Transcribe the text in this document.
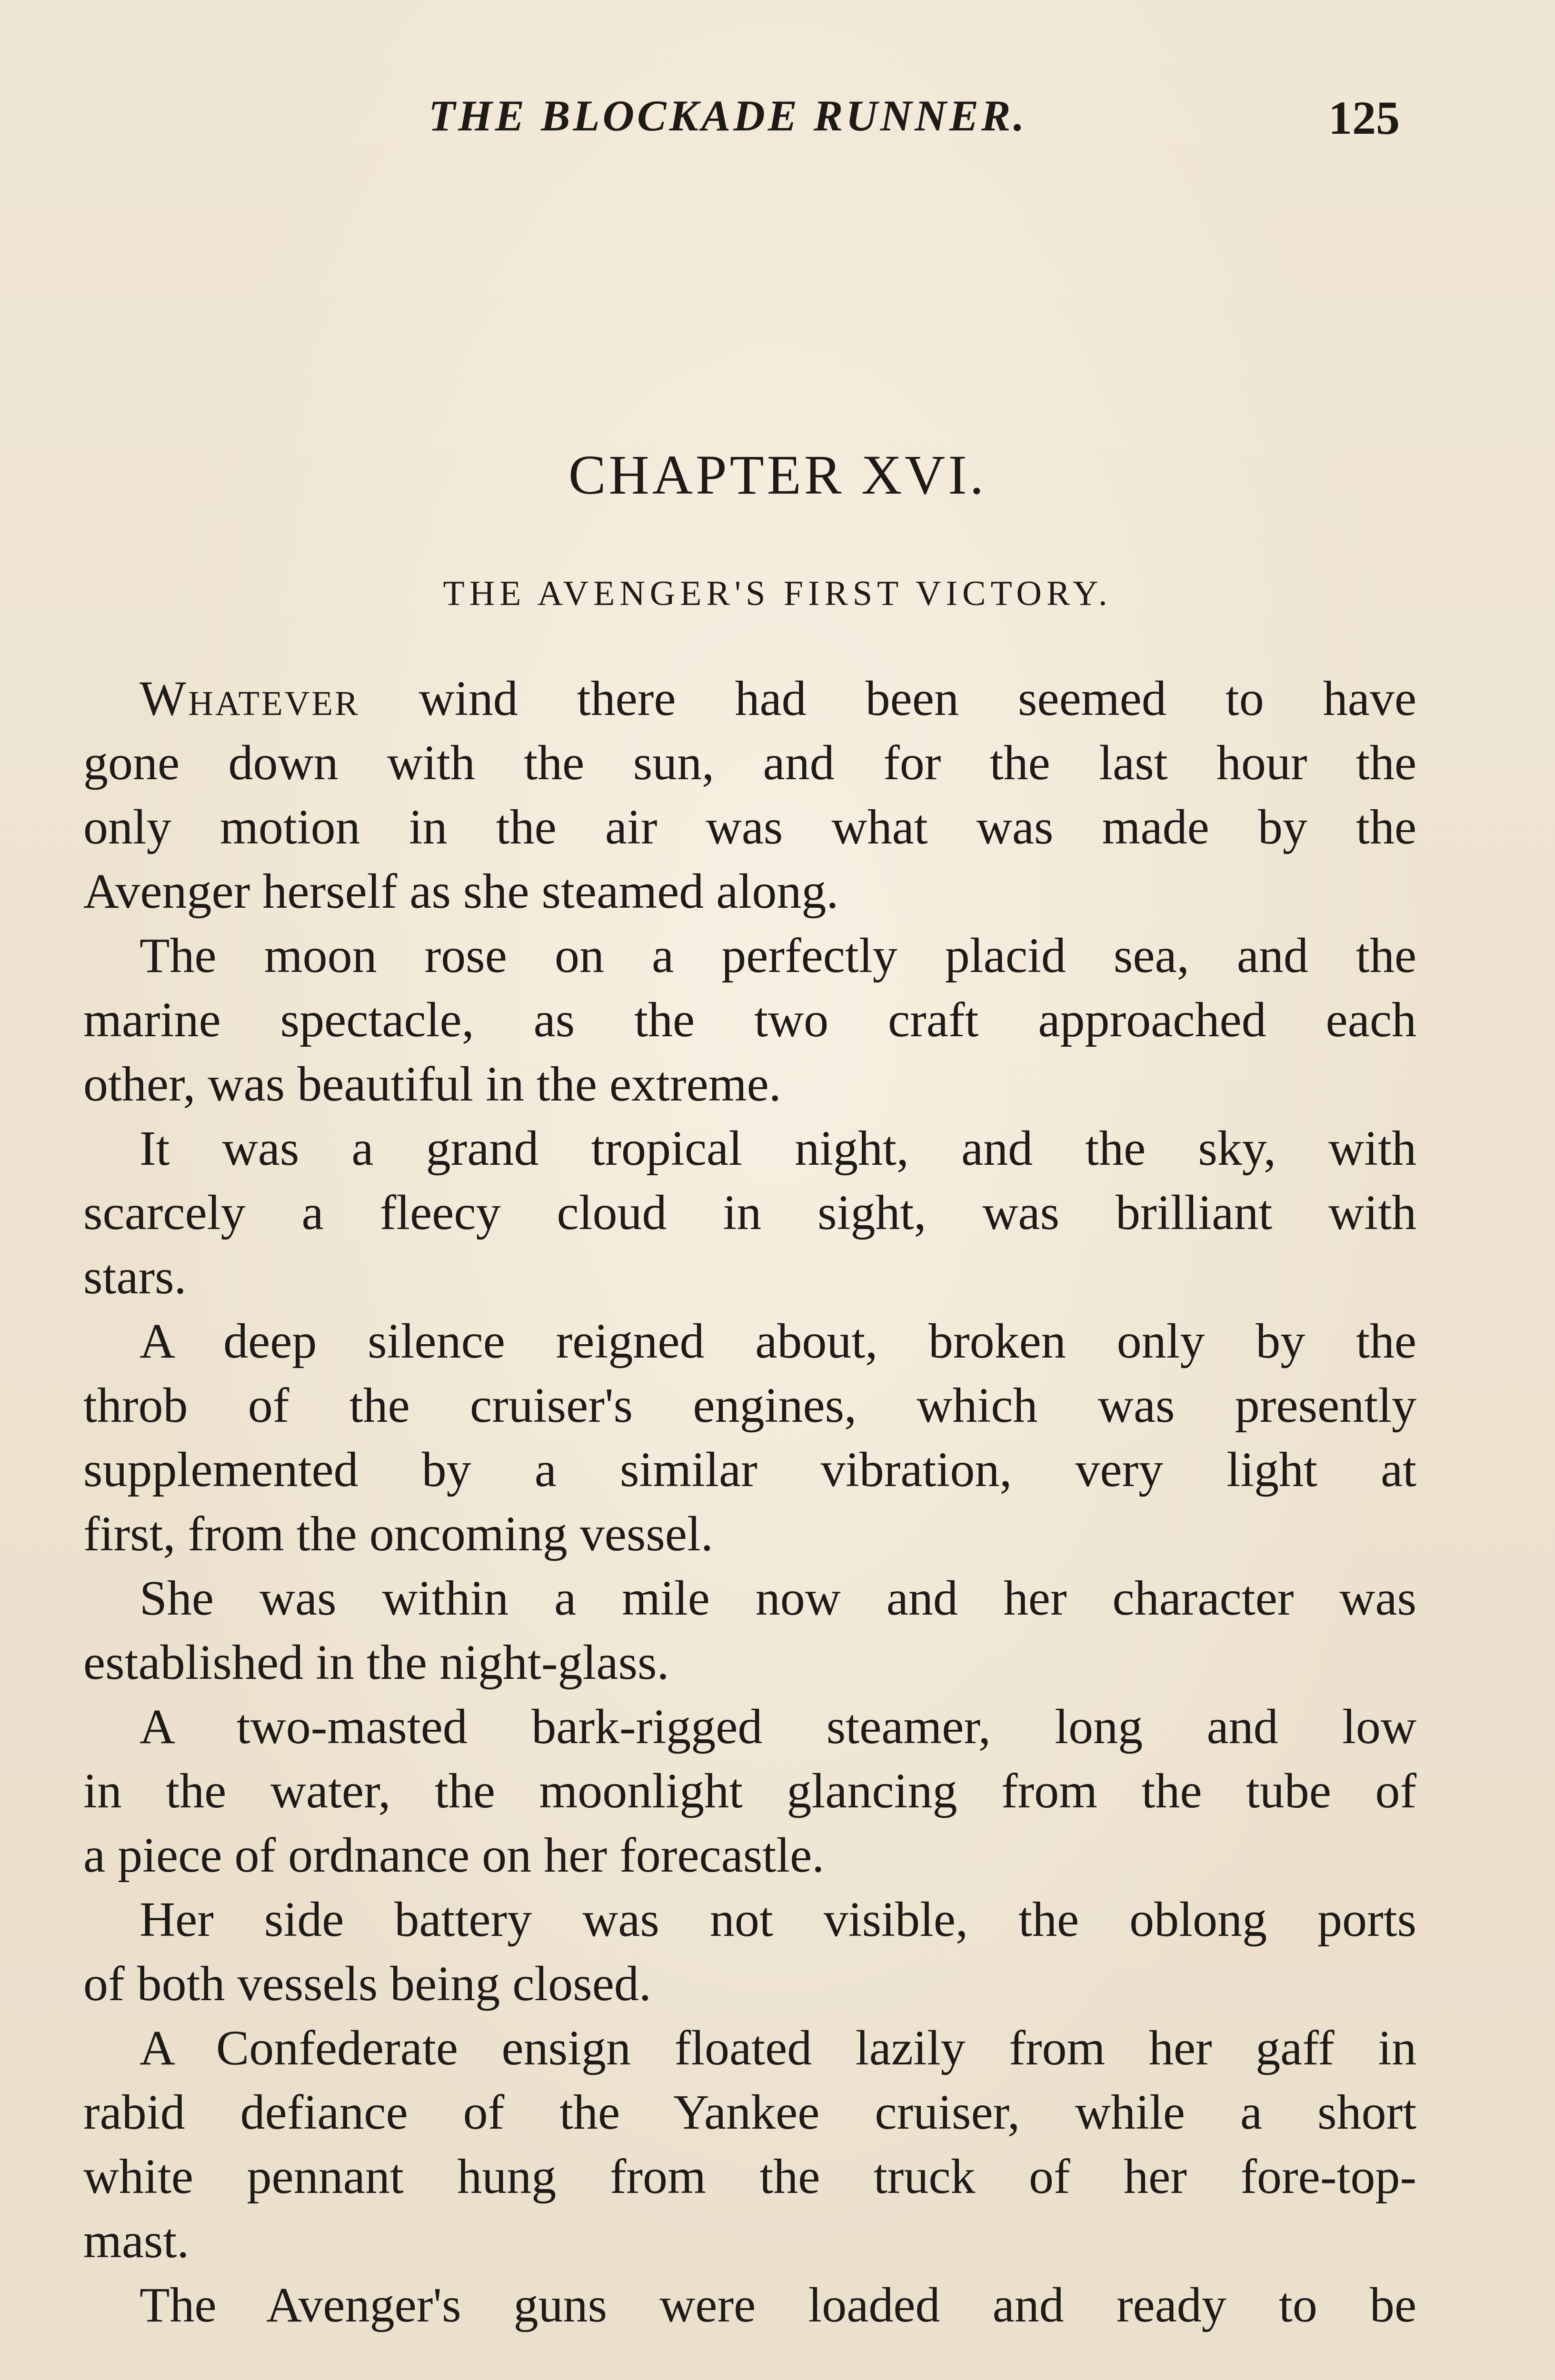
THE BLOCKADE RUNNER.	125
CHAPTER XVI.
THE AVENGER'S FIRST VICTORY.
Whatever wind there had been seemed to have
gone down with the sun, and for the last hour the
only motion in the air was what was made by the
Avenger herself as she steamed along.
The moon rose on a perfectly placid sea, and the
marine spectacle, as the two craft approached each
other, was beautiful in the extreme.
It was a grand tropical night, and the sky, with
scarcely a fleecy cloud in sight, was brilliant with
stars.
A deep silence reigned about, broken only by the
throb of the cruiser's engines, which was presently
supplemented by a similar vibration, very light at
first, from the oncoming vessel.
She was within a mile now and her character was
established in the night-glass.
A two-masted bark-rigged steamer, long and low
in the water, the moonlight glancing from the tube of
a piece of ordnance on her forecastle.
Her side battery was not visible, the oblong ports
of both vessels being closed.
A Confederate ensign floated lazily from her gaff in
rabid defiance of the Yankee cruiser, while a short
white pennant hung from the truck of her fore-top-
mast.
The Avenger's guns were loaded and ready to be
